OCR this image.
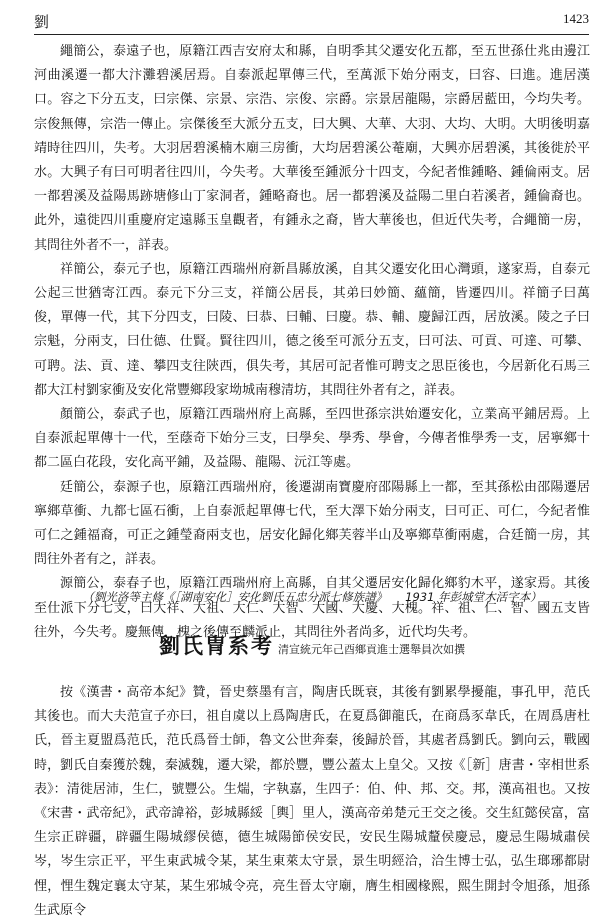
劉	1423

繩簡公，泰遠子也，原籍江西吉安府太和縣，自明季其父遷安化五都，至五世孫仕兆由邊江河曲溪遷一都大汴灘碧溪居焉。自泰派起單傳三代，至萬派下始分兩支，曰容、曰進。進居漢口。容之下分五支，曰宗傑、宗景、宗浩、宗俊、宗爵。宗景居龍陽，宗爵居藍田，今均失考。宗俊無傳，宗浩一傳止。宗傑後至大派分五支，曰大興、大華、大羽、大均、大明。大明後明嘉靖時往四川，失考。大羽居碧溪楠木廟三房衝，大均居碧溪公菴廟，大興亦居碧溪，其後徙於平水。大興子有曰可明者往四川，今失考。大華後至鍾派分十四支，今紀者惟鍾略、鍾倫兩支。居一都碧溪及益陽馬跡塘修山丁家洞者，鍾略裔也。居一都碧溪及益陽二里白若溪者，鍾倫裔也。此外，遠徙四川重慶府定遠縣玉皇觀者，有鍾永之裔，皆大華後也，但近代失考，合繩簡一房，其問往外者不一，詳表。

祥簡公，泰元子也，原籍江西瑞州府新昌縣放溪，自其父遷安化田心灣頭，遂家焉，自泰元公起三世猶寄江西。泰元下分三支，祥簡公居長，其弟曰妙簡、蘊簡，皆遷四川。祥簡子曰萬俊，單傳一代，其下分四支，曰陵、曰恭、曰輔、曰慶。恭、輔、慶歸江西，居放溪。陵之子曰宗魁，分兩支，曰仕德、仕賢。賢往四川，德之後至可派分五支，曰可法、可貢、可達、可攀、可聘。法、貢、達、攀四支往陝西，俱失考，其居可記者惟可聘支之思臣後也，今居新化石馬三都大江村劉家衝及安化常豐鄉段家坳城南穆清坊，其問往外者有之，詳表。

顏簡公，泰武子也，原籍江西瑞州府上高縣，至四世孫宗洪始遷安化，立業高平鋪居焉。上自泰派起單傳十一代，至蔭奇下始分三支，曰學矣、學秀、學會，今傳者惟學秀一支，居寧鄉十都二區白花段，安化高平鋪，及益陽、龍陽、沅江等處。

廷簡公，泰源子也，原籍江西瑞州府，後遷湖南寶慶府邵陽縣上一都，至其孫松由邵陽遷居寧鄉草衝、九都七區石衝，上自泰派起單傳七代，至大澤下始分兩支，曰可正、可仁，今紀者惟可仁之鍾福裔，可正之鍾瑩裔兩支也，居安化歸化鄉芙蓉半山及寧鄉草衝兩處，合廷簡一房，其問往外者有之，詳表。

源簡公，泰春子也，原籍江西瑞州府上高縣，自其父遷居安化歸化鄉豹木平，遂家焉。其後至仕派下分七支，曰大祥、大祖、大仁、大智、大國、大慶、大槐。祥、祖、仁、智、國五支皆往外，今失考。慶無傳，槐之後傳至麟派止，其問往外者尚多，近代均失考。

（劉光洛等主修《［湖南安化］安化劉氏五忠分派七修族譜》 1931 年彭城堂木活字本）
劉氏冑系考 清宣統元年己酉鄉貢進士選舉員次如撰

按《漢書・高帝本紀》贊，晉史蔡墨有言，陶唐氏既衰，其後有劉累學擾龍，事孔甲，范氏其後也。而大夫范宣子亦曰，祖自虞以上爲陶唐氏，在夏爲御龍氏，在商爲豕韋氏，在周爲唐杜氏，晉主夏盟爲范氏，范氏爲晉士師，魯文公世奔秦，後歸於晉，其處者爲劉氏。劉向云，戰國時，劉氏自秦獲於魏，秦滅魏，遷大梁，都於豐，豐公蓋太上皇父。又按《［新］唐書・宰相世系表》：清徙居沛，生仁，號豐公。生煓，字執嘉，生四子：伯、仲、邦、交。邦，漢高祖也。又按《宋書・武帝紀》，武帝諱裕，彭城縣綏［輿］里人，漢高帝弟楚元王交之後。交生紅懿侯富，富生宗正辟疆，辟疆生陽城繆侯德，德生城陽節侯安民，安民生陽城釐侯慶忌，慶忌生陽城肅侯岑，岑生宗正平，平生東武城令某，某生東萊太守景，景生明經洽，洽生博士弘，弘生瑯琊都尉悝，悝生魏定襄太守某，某生邪城令亮，亮生晉太守廟，膺生相國椽熙，熙生開封令旭孫，旭孫生武原令
